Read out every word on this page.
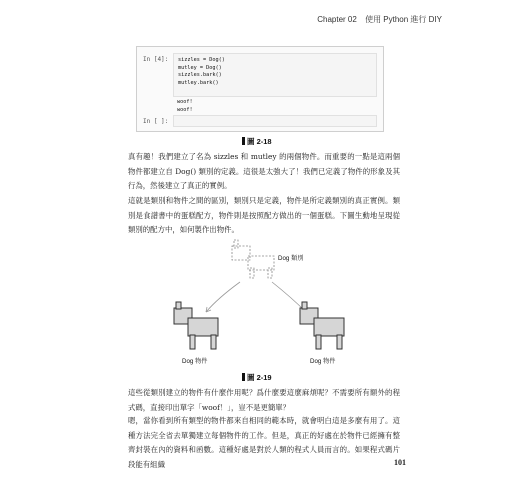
Chapter 02 使用 Python 進行 DIY
In [4]: sizzles = Dog()
mutley = Dog()
sizzles.bark()
mutley.bark()
woof!
woof!
In [ ]:
圖 2-18
真有趣！我們建立了名為 sizzles 和 mutley 的兩個物件。而重要的一點是這兩個物件都建立自 Dog() 類別的定義。這很是太強大了！我們已定義了物件的形象及其行為，然後建立了真正的實例。
這就是類別和物件之間的區別，類別只是定義，物件是所定義類別的真正實例。類別是食譜書中的蛋糕配方，物件則是按照配方做出的一個蛋糕。下圖生動地呈現從類別的配方中，如何製作出物件。
Dog 類別
Dog 物件	Dog 物件
圖 2-19
這些從類別建立的物件有什麼作用呢？爲什麼要這麼麻煩呢？不需要所有額外的程式碼，直接印出單字「woof！」，豈不是更簡單？
嗯，當你看到所有類型的物件都來自相同的範本時，就會明白這是多麼有用了。這種方法完全省去單獨建立每個物件的工作。但是，真正的好處在於物件已經擁有整齊封裝在內的資料和函數。這種好處是對於人類的程式人員而言的。如果程式碼片段能有組織	101
